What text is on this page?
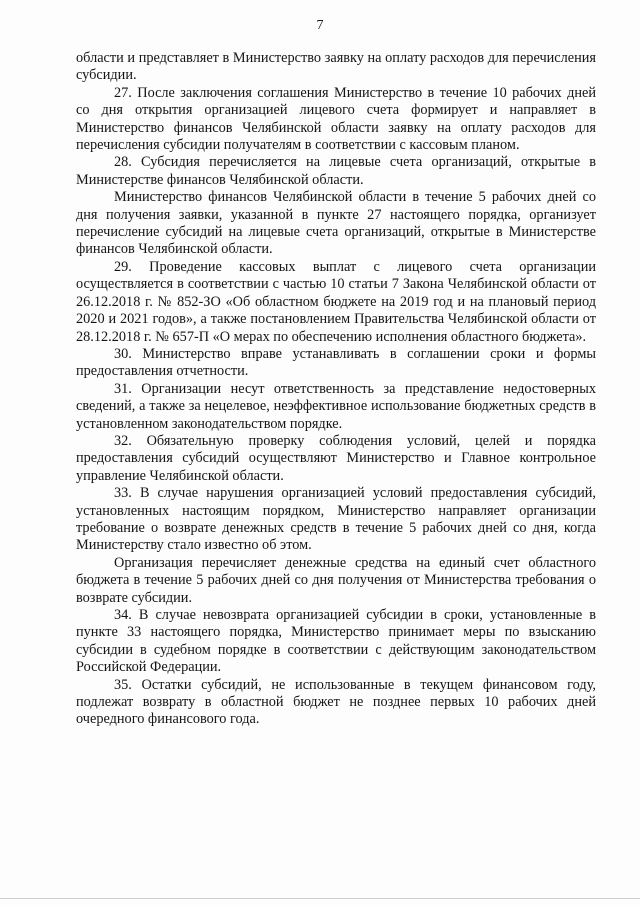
7

области и представляет в Министерство заявку на оплату расходов для перечисления субсидии.

27. После заключения соглашения Министерство в течение 10 рабочих дней со дня открытия организацией лицевого счета формирует и направляет в Министерство финансов Челябинской области заявку на оплату расходов для перечисления субсидии получателям в соответствии с кассовым планом.

28. Субсидия перечисляется на лицевые счета организаций, открытые в Министерстве финансов Челябинской области.

Министерство финансов Челябинской области в течение 5 рабочих дней со дня получения заявки, указанной в пункте 27 настоящего порядка, организует перечисление субсидий на лицевые счета организаций, открытые в Министерстве финансов Челябинской области.

29. Проведение кассовых выплат с лицевого счета организации осуществляется в соответствии с частью 10 статьи 7 Закона Челябинской области от 26.12.2018 г. № 852-ЗО «Об областном бюджете на 2019 год и на плановый период 2020 и 2021 годов», а также постановлением Правительства Челябинской области от 28.12.2018 г. № 657-П «О мерах по обеспечению исполнения областного бюджета».

30. Министерство вправе устанавливать в соглашении сроки и формы предоставления отчетности.

31. Организации несут ответственность за представление недостоверных сведений, а также за нецелевое, неэффективное использование бюджетных средств в установленном законодательством порядке.

32. Обязательную проверку соблюдения условий, целей и порядка предоставления субсидий осуществляют Министерство и Главное контрольное управление Челябинской области.

33. В случае нарушения организацией условий предоставления субсидий, установленных настоящим порядком, Министерство направляет организации требование о возврате денежных средств в течение 5 рабочих дней со дня, когда Министерству стало известно об этом.

Организация перечисляет денежные средства на единый счет областного бюджета в течение 5 рабочих дней со дня получения от Министерства требования о возврате субсидии.

34. В случае невозврата организацией субсидии в сроки, установленные в пункте 33 настоящего порядка, Министерство принимает меры по взысканию субсидии в судебном порядке в соответствии с действующим законодательством Российской Федерации.

35. Остатки субсидий, не использованные в текущем финансовом году, подлежат возврату в областной бюджет не позднее первых 10 рабочих дней очередного финансового года.
